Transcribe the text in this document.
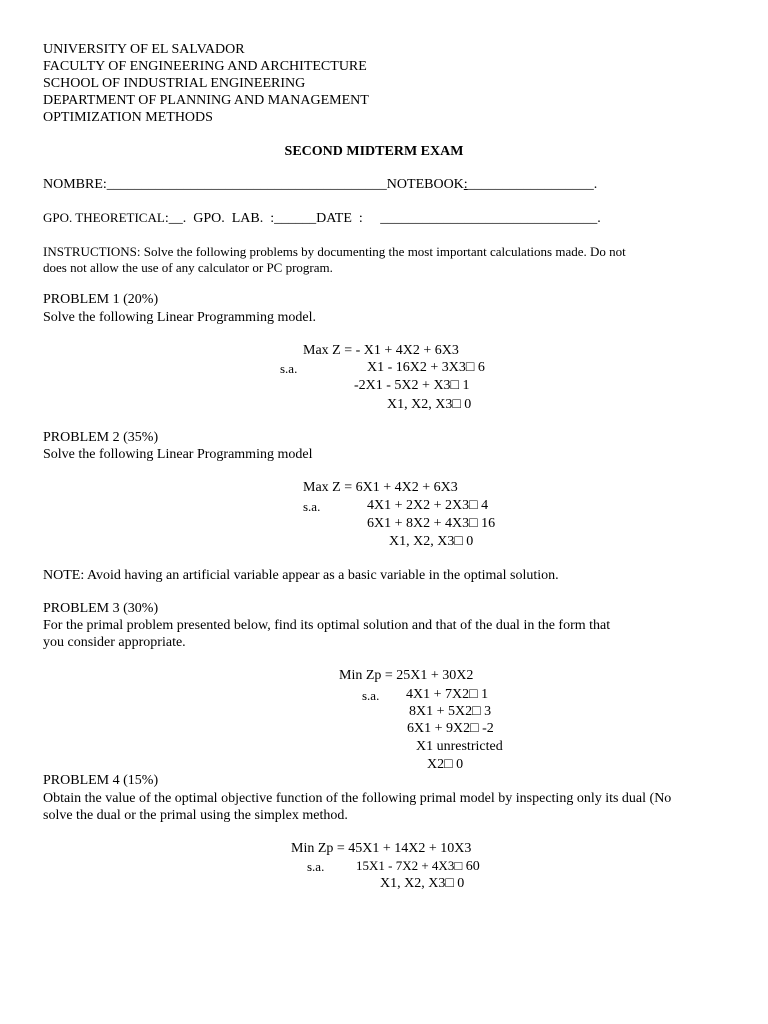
UNIVERSITY OF EL SALVADOR
FACULTY OF ENGINEERING AND ARCHITECTURE
SCHOOL OF INDUSTRIAL ENGINEERING
DEPARTMENT OF PLANNING AND MANAGEMENT
OPTIMIZATION METHODS
SECOND MIDTERM EXAM
NOMBRE:________________________________________NOTEBOOK:__________________.
GPO. THEORETICAL:__. GPO.  LAB.  :______DATE  : _______________________________.
INSTRUCTIONS: Solve the following problems by documenting the most important calculations made. Do not
does not allow the use of any calculator or PC program.
PROBLEM 1 (20%)
Solve the following Linear Programming model.
Max Z = - X1 + 4X2 + 6X3
s.a.	X1 - 16X2 + 3X3□ 6
-2X1 - 5X2 + X3□ 1
X1, X2, X3□ 0
PROBLEM 2 (35%)
Solve the following Linear Programming model
Max Z = 6X1 + 4X2 + 6X3
s.a.	4X1 + 2X2 + 2X3□ 4
6X1 + 8X2 + 4X3□ 16
X1, X2, X3□ 0
NOTE: Avoid having an artificial variable appear as a basic variable in the optimal solution.
PROBLEM 3 (30%)
For the primal problem presented below, find its optimal solution and that of the dual in the form that
you consider appropriate.
Min Zp = 25X1 + 30X2
s.a. 4X1 + 7X2□ 1
8X1 + 5X2□ 3
6X1 + 9X2□ -2
X1 unrestricted
X2□ 0
PROBLEM 4 (15%)
Obtain the value of the optimal objective function of the following primal model by inspecting only its dual (No
solve the dual or the primal using the simplex method.
Min Zp = 45X1 + 14X2 + 10X3
s.a. 15X1 - 7X2 + 4X3□ 60
X1, X2, X3□ 0
